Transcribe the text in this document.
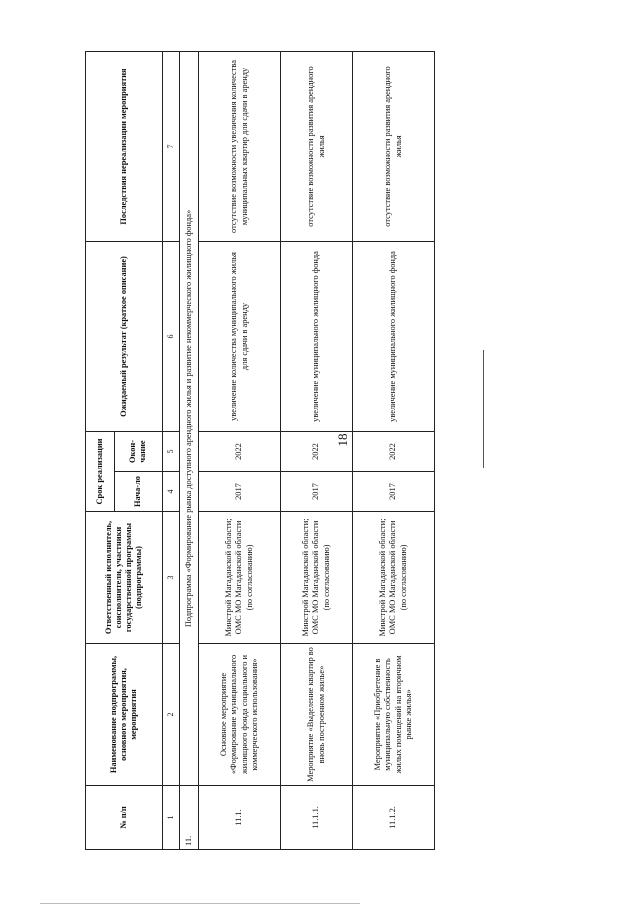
18
№ п/п	Наименование подпрограммы, основного мероприятия, мероприятия	Ответственный исполнитель, соисполнители, участники государственной программы (подпрограммы)	Срок реализации		Ожидаемый результат (краткое описание)	Последствия нереализации мероприятия
			Нача-ло	Окон-чание		
1	2	3	4	5	6	7
11.	Подпрограмма «Формирование рынка доступного арендного жилья и развитие некоммерческого жилищного фонда»					
11.1.	Основное мероприятие «Формирование муниципального жилищного фонда социального и коммерческого использования»	Минстрой Магаданской области; ОМС МО Магаданской области (по согласованию)	2017	2022	увеличение количества муниципального жилья для сдачи в аренду	отсутствие возможности увеличения количества муниципальных квартир для сдачи в аренду
11.1.1.	Мероприятие «Выделение квартир во вновь построенном жилье»	Минстрой Магаданской области; ОМС МО Магаданской области (по согласованию)	2017	2022	увеличение муниципального жилищного фонда	отсутствие возможности развития арендного жилья
11.1.2.	Мероприятие «Приобретение в муниципальную собственность жилых помещений на вторичном рынке жилья»	Минстрой Магаданской области; ОМС МО Магаданской области (по согласованию)	2017	2022	увеличение муниципального жилищного фонда	отсутствие возможности развития арендного жилья
